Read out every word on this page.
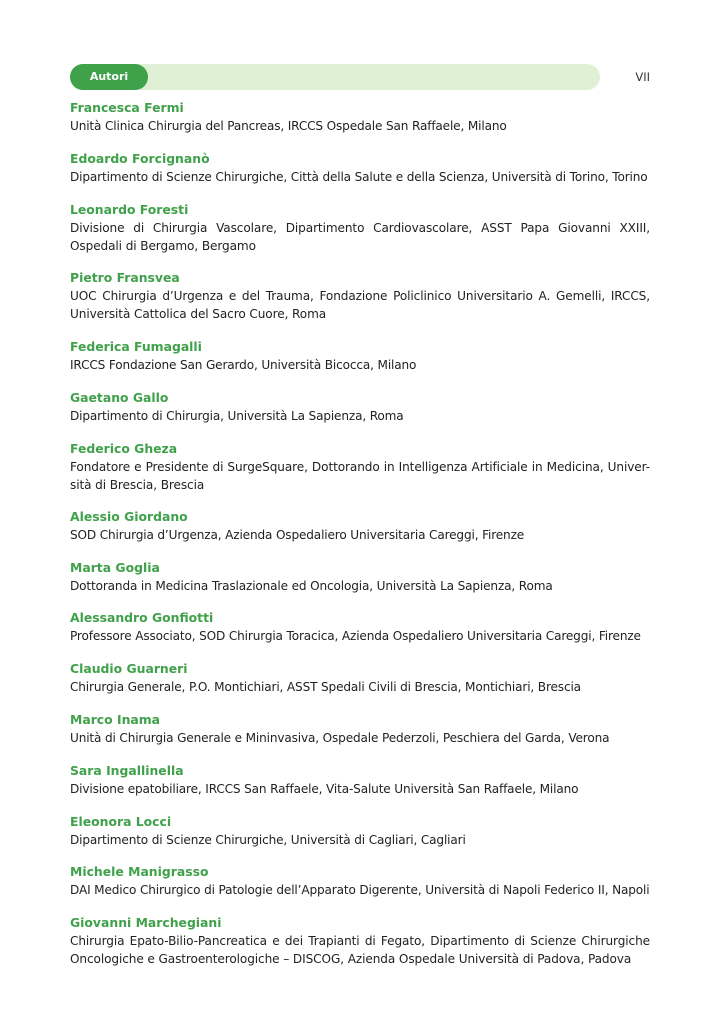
Autori	VII
Francesca Fermi
Unità Clinica Chirurgia del Pancreas, IRCCS Ospedale San Raffaele, Milano
Edoardo Forcignanò
Dipartimento di Scienze Chirurgiche, Città della Salute e della Scienza, Università di Torino, Torino
Leonardo Foresti
Divisione di Chirurgia Vascolare, Dipartimento Cardiovascolare, ASST Papa Giovanni XXIII, Ospedali di Bergamo, Bergamo
Pietro Fransvea
UOC Chirurgia d’Urgenza e del Trauma, Fondazione Policlinico Universitario A. Gemelli, IRCCS, Università Cattolica del Sacro Cuore, Roma
Federica Fumagalli
IRCCS Fondazione San Gerardo, Università Bicocca, Milano
Gaetano Gallo
Dipartimento di Chirurgia, Università La Sapienza, Roma
Federico Gheza
Fondatore e Presidente di SurgeSquare, Dottorando in Intelligenza Artificiale in Medicina, Univer-sità di Brescia, Brescia
Alessio Giordano
SOD Chirurgia d’Urgenza, Azienda Ospedaliero Universitaria Careggi, Firenze
Marta Goglia
Dottoranda in Medicina Traslazionale ed Oncologia, Università La Sapienza, Roma
Alessandro Gonfiotti
Professore Associato, SOD Chirurgia Toracica, Azienda Ospedaliero Universitaria Careggi, Firenze
Claudio Guarneri
Chirurgia Generale, P.O. Montichiari, ASST Spedali Civili di Brescia, Montichiari, Brescia
Marco Inama
Unità di Chirurgia Generale e Mininvasiva, Ospedale Pederzoli, Peschiera del Garda, Verona
Sara Ingallinella
Divisione epatobiliare, IRCCS San Raffaele, Vita-Salute Università San Raffaele, Milano
Eleonora Locci
Dipartimento di Scienze Chirurgiche, Università di Cagliari, Cagliari
Michele Manigrasso
DAI Medico Chirurgico di Patologie dell’Apparato Digerente, Università di Napoli Federico II, Napoli
Giovanni Marchegiani
Chirurgia Epato-Bilio-Pancreatica e dei Trapianti di Fegato, Dipartimento di Scienze Chirurgiche Oncologiche e Gastroenterologiche – DISCOG, Azienda Ospedale Università di Padova, Padova
